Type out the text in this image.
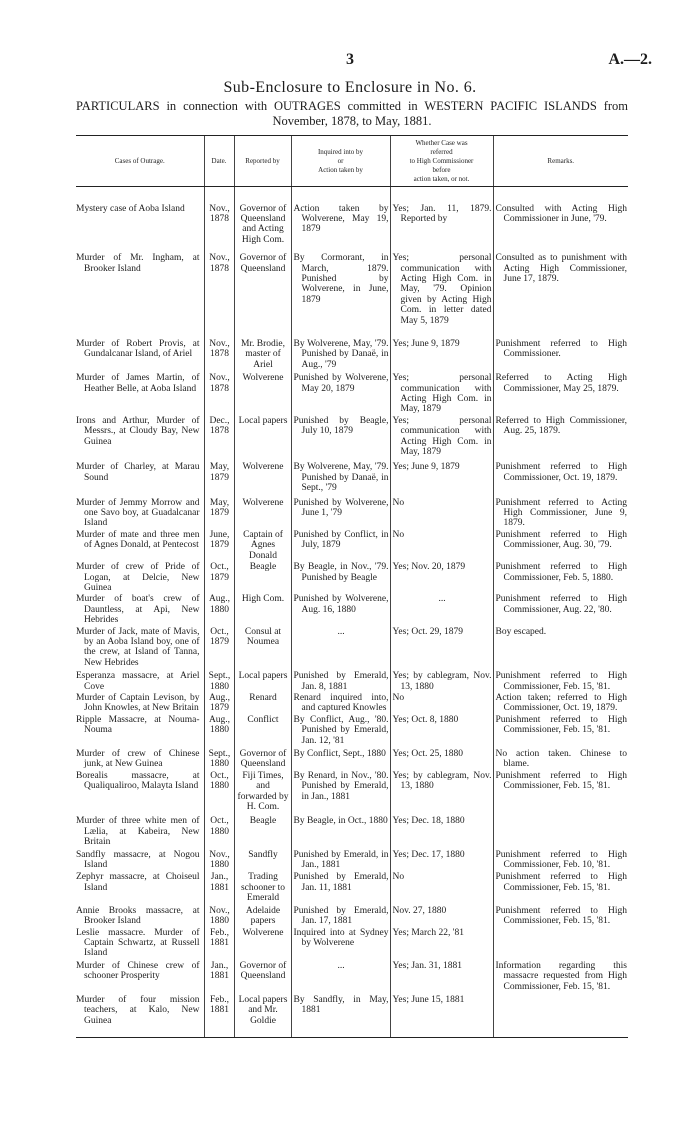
3	A.—2.
Sub-Enclosure to Enclosure in No. 6.
PARTICULARS in connection with OUTRAGES committed in WESTERN PACIFIC ISLANDS from November, 1878, to May, 1881.
Cases of Outrage.	Date.	Reported by	Inquired into by
or
Action taken by	Whether Case was
referred
to High Commissioner
before
action taken, or not.	Remarks.

Mystery case of Aoba Island	Nov., 1878	Governor of Queensland and Acting High Com.	Action taken by Wolverene, May 19, 1879	Yes; Jan. 11, 1879. Reported by	Consulted with Acting High Commissioner in June, '79.

Murder of Mr. Ingham, at Brooker Island	Nov., 1878	Governor of Queensland	By Cormorant, in March, 1879. Punished by Wolverene, in June, 1879	Yes; personal communication with Acting High Com. in May, '79. Opinion given by Acting High Com. in letter dated May 5, 1879	Consulted as to punishment with Acting High Commissioner, June 17, 1879.

Murder of Robert Provis, at Gundalcanar Island, of Ariel	Nov., 1878	Mr. Brodie, master of Ariel	By Wolverene, May, '79. Punished by Danaë, in Aug., '79	Yes; June 9, 1879	Punishment referred to High Commissioner.

Murder of James Martin, of Heather Belle, at Aoba Island	Nov., 1878	Wolverene	Punished by Wolverene, May 20, 1879	Yes; personal communication with Acting High Com. in May, 1879	Referred to Acting High Commissioner, May 25, 1879.

Irons and Arthur, Murder of Messrs., at Cloudy Bay, New Guinea	Dec., 1878	Local papers	Punished by Beagle, July 10, 1879	Yes; personal communication with Acting High Com. in May, 1879	Referred to High Commissioner, Aug. 25, 1879.

Murder of Charley, at Marau Sound	May, 1879	Wolverene	By Wolverene, May, '79. Punished by Danaë, in Sept., '79	Yes; June 9, 1879	Punishment referred to High Commissioner, Oct. 19, 1879.

Murder of Jemmy Morrow and one Savo boy, at Guadalcanar Island	May, 1879	Wolverene	Punished by Wolverene, June 1, '79	No	Punishment referred to Acting High Commissioner, June 9, 1879.

Murder of mate and three men of Agnes Donald, at Pentecost	June, 1879	Captain of Agnes Donald	Punished by Conflict, in July, 1879	No	Punishment referred to High Commissioner, Aug. 30, '79.

Murder of crew of Pride of Logan, at Delcie, New Guinea	Oct., 1879	Beagle	By Beagle, in Nov., '79. Punished by Beagle	Yes; Nov. 20, 1879	Punishment referred to High Commissioner, Feb. 5, 1880.

Murder of boat's crew of Dauntless, at Api, New Hebrides	Aug., 1880	High Com.	Punished by Wolverene, Aug. 16, 1880	...	Punishment referred to High Commissioner, Aug. 22, '80.

Murder of Jack, mate of Mavis, by an Aoba Island boy, one of the crew, at Island of Tanna, New Hebrides	Oct., 1879	Consul at Noumea	...	Yes; Oct. 29, 1879	Boy escaped.

Esperanza massacre, at Ariel Cove	Sept., 1880	Local papers	Punished by Emerald, Jan. 8, 1881	Yes; by cablegram, Nov. 13, 1880	Punishment referred to High Commissioner, Feb. 15, '81.

Murder of Captain Levison, by John Knowles, at New Britain	Aug., 1879	Renard	Renard inquired into, and captured Knowles	No	Action taken; referred to High Commissioner, Oct. 19, 1879.

Ripple Massacre, at Nouma-Nouma	Aug., 1880	Conflict	By Conflict, Aug., '80. Punished by Emerald, Jan. 12, '81	Yes; Oct. 8, 1880	Punishment referred to High Commissioner, Feb. 15, '81.

Murder of crew of Chinese junk, at New Guinea	Sept., 1880	Governor of Queensland	By Conflict, Sept., 1880	Yes; Oct. 25, 1880	No action taken. Chinese to blame.

Borealis massacre, at Qualiqualiroo, Malayta Island	Oct., 1880	Fiji Times, and forwarded by H. Com.	By Renard, in Nov., '80. Punished by Emerald, in Jan., 1881	Yes; by cablegram, Nov. 13, 1880	Punishment referred to High Commissioner, Feb. 15, '81.

Murder of three white men of Lælia, at Kabeira, New Britain	Oct., 1880	Beagle	By Beagle, in Oct., 1880	Yes; Dec. 18, 1880	

Sandfly massacre, at Nogou Island	Nov., 1880	Sandfly	Punished by Emerald, in Jan., 1881	Yes; Dec. 17, 1880	Punishment referred to High Commissioner, Feb. 10, '81.

Zephyr massacre, at Choiseul Island	Jan., 1881	Trading schooner to Emerald	Punished by Emerald, Jan. 11, 1881	No	Punishment referred to High Commissioner, Feb. 15, '81.

Annie Brooks massacre, at Brooker Island	Nov., 1880	Adelaide papers	Punished by Emerald, Jan. 17, 1881	Nov. 27, 1880	Punishment referred to High Commissioner, Feb. 15, '81.

Leslie massacre. Murder of Captain Schwartz, at Russell Island	Feb., 1881	Wolverene	Inquired into at Sydney by Wolverene	Yes; March 22, '81	

Murder of Chinese crew of schooner Prosperity	Jan., 1881	Governor of Queensland	...	Yes; Jan. 31, 1881	Information regarding this massacre requested from High Commissioner, Feb. 15, '81.

Murder of four mission teachers, at Kalo, New Guinea	Feb., 1881	Local papers and Mr. Goldie	By Sandfly, in May, 1881	Yes; June 15, 1881	
